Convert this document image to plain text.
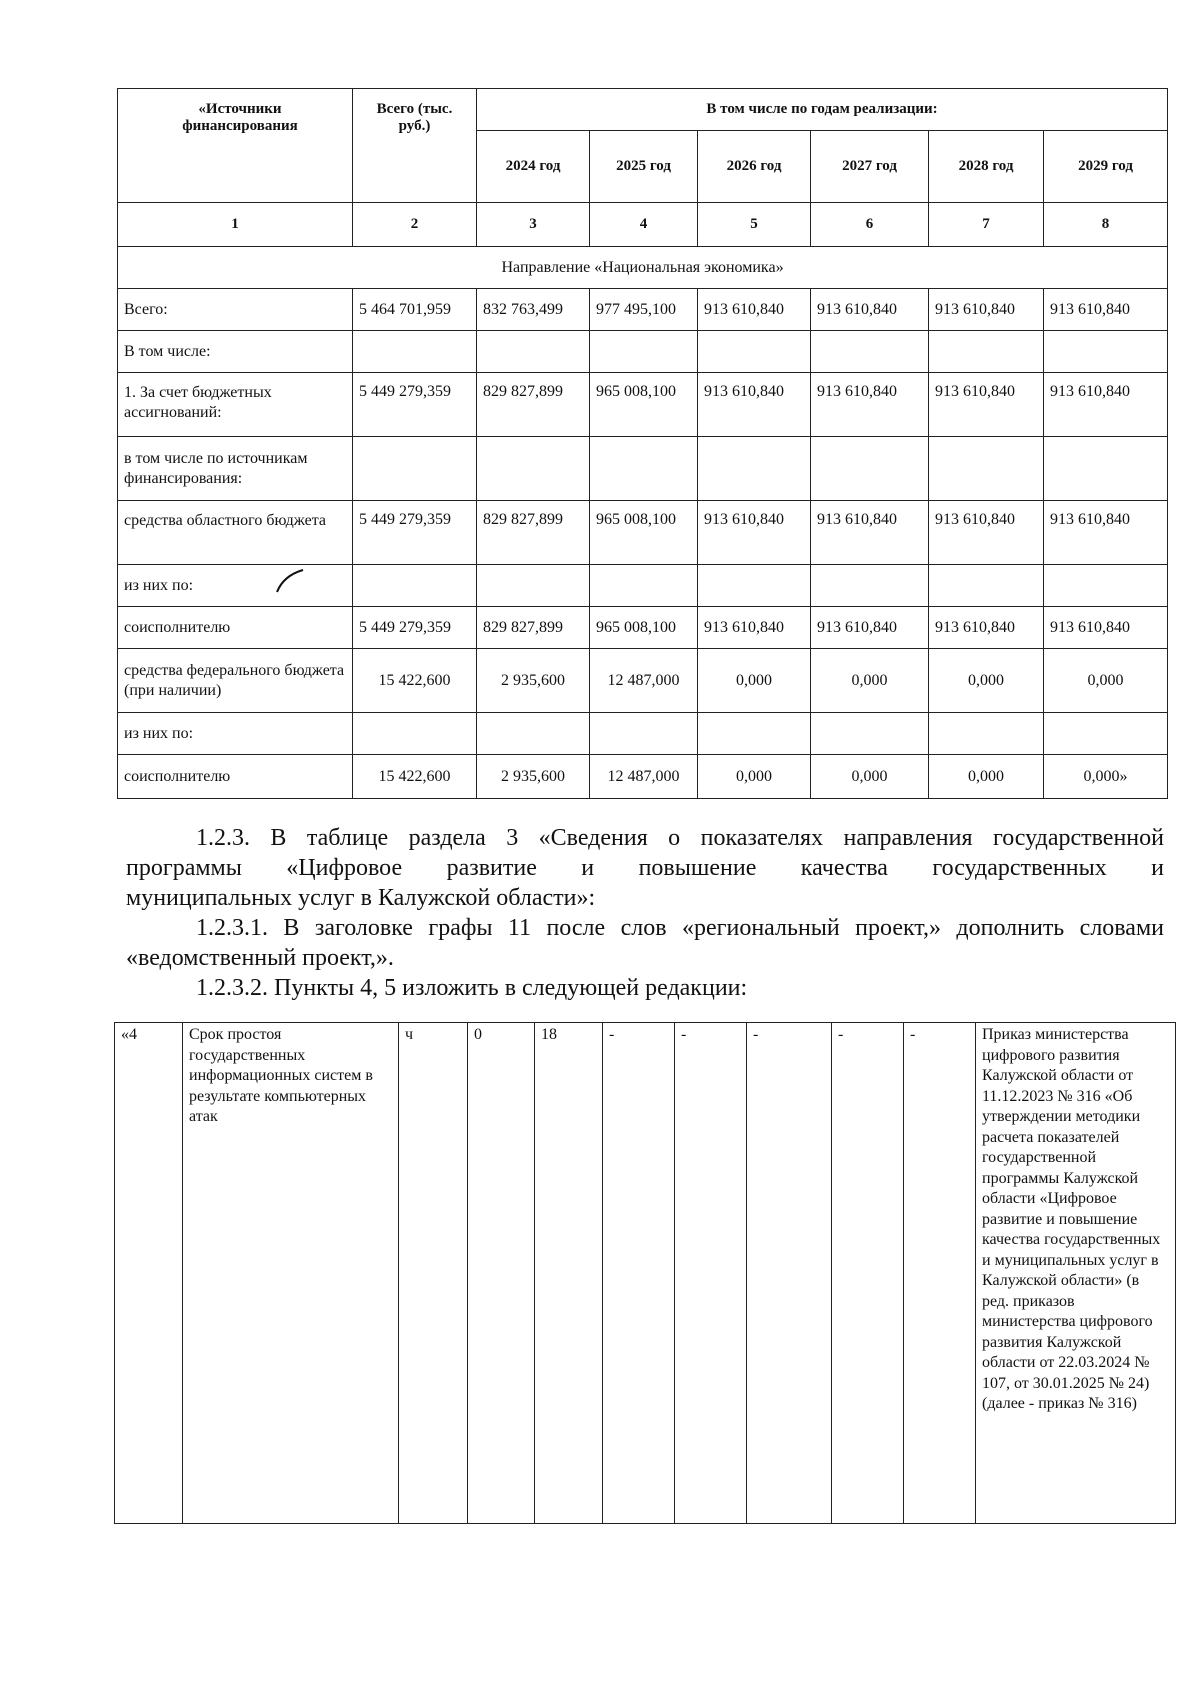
«Источники финансирования	Всего (тыс. руб.)	В том числе по годам реализации:					
		2024 год	2025 год	2026 год	2027 год	2028 год	2029 год
1	2	3	4	5	6	7	8
Направление «Национальная экономика»							
Всего:	5 464 701,959	832 763,499	977 495,100	913 610,840	913 610,840	913 610,840	913 610,840
В том числе:							
1. За счет бюджетных ассигнований:	5 449 279,359	829 827,899	965 008,100	913 610,840	913 610,840	913 610,840	913 610,840
в том числе по источникам финансирования:							
средства областного бюджета	5 449 279,359	829 827,899	965 008,100	913 610,840	913 610,840	913 610,840	913 610,840
из них по:							
соисполнителю	5 449 279,359	829 827,899	965 008,100	913 610,840	913 610,840	913 610,840	913 610,840
средства федерального бюджета (при наличии)	15 422,600	2 935,600	12 487,000	0,000	0,000	0,000	0,000
из них по:							
соисполнителю	15 422,600	2 935,600	12 487,000	0,000	0,000	0,000	0,000»
1.2.3. В таблице раздела 3 «Сведения о показателях направления государственной
программы «Цифровое развитие и повышение качества государственных и
муниципальных услуг в Калужской области»:
1.2.3.1. В заголовке графы 11 после слов «региональный проект,» дополнить словами
«ведомственный проект,».
1.2.3.2. Пункты 4, 5 изложить в следующей редакции:
«4	Срок простоя государственных информационных систем в результате компьютерных атак	ч	0	18	-	-	-	-	-	Приказ министерства цифрового развития Калужской области от 11.12.2023 № 316 «Об утверждении методики расчета показателей государственной программы Калужской области «Цифровое развитие и повышение качества государственных и муниципальных услуг в Калужской области» (в ред. приказов министерства цифрового развития Калужской области от 22.03.2024 № 107, от 30.01.2025 № 24) (далее - приказ № 316)
